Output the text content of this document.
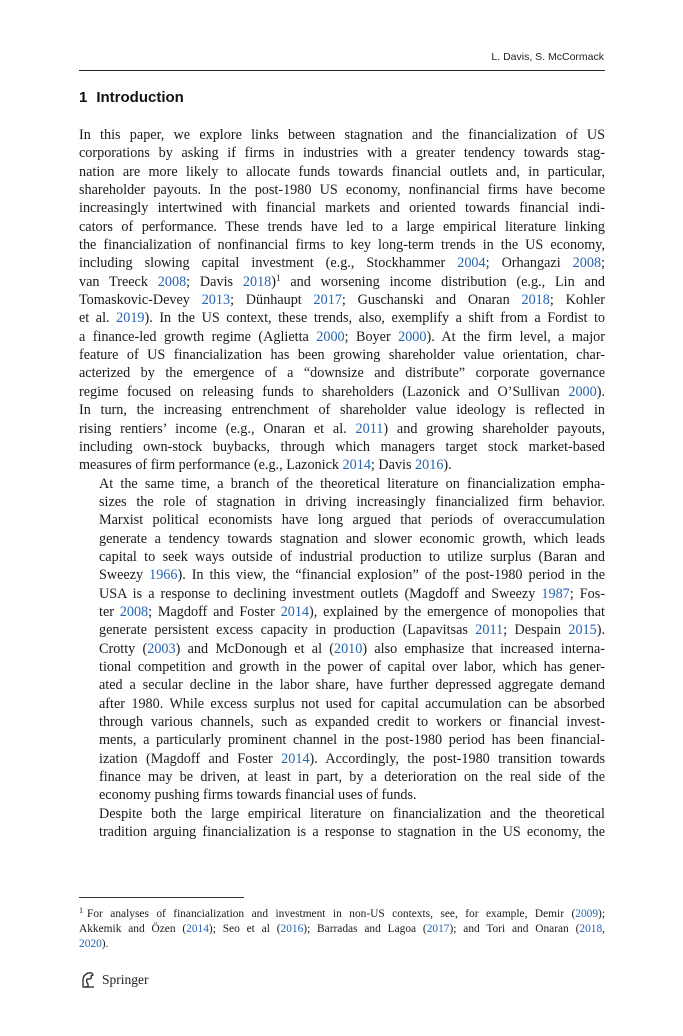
L. Davis, S. McCormack
1 Introduction

In this paper, we explore links between stagnation and the financialization of US
corporations by asking if firms in industries with a greater tendency towards stag-
nation are more likely to allocate funds towards financial outlets and, in particular,
shareholder payouts. In the post-1980 US economy, nonfinancial firms have become
increasingly intertwined with financial markets and oriented towards financial indi-
cators of performance. These trends have led to a large empirical literature linking
the financialization of nonfinancial firms to key long-term trends in the US economy,
including slowing capital investment (e.g., Stockhammer 2004; Orhangazi 2008;
van Treeck 2008; Davis 2018)$^1$ and worsening income distribution (e.g., Lin and
Tomaskovic-Devey 2013; Dünhaupt 2017; Guschanski and Onaran 2018; Kohler
et al. 2019). In the US context, these trends, also, exemplify a shift from a Fordist to
a finance-led growth regime (Aglietta 2000; Boyer 2000). At the firm level, a major
feature of US financialization has been growing shareholder value orientation, char-
acterized by the emergence of a “downsize and distribute” corporate governance
regime focused on releasing funds to shareholders (Lazonick and O’Sullivan 2000).
In turn, the increasing entrenchment of shareholder value ideology is reflected in
rising rentiers’ income (e.g., Onaran et al. 2011) and growing shareholder payouts,
including own-stock buybacks, through which managers target stock market-based
measures of firm performance (e.g., Lazonick 2014; Davis 2016).

At the same time, a branch of the theoretical literature on financialization empha-
sizes the role of stagnation in driving increasingly financialized firm behavior.
Marxist political economists have long argued that periods of overaccumulation
generate a tendency towards stagnation and slower economic growth, which leads
capital to seek ways outside of industrial production to utilize surplus (Baran and
Sweezy 1966). In this view, the “financial explosion” of the post-1980 period in the
USA is a response to declining investment outlets (Magdoff and Sweezy 1987; Fos-
ter 2008; Magdoff and Foster 2014), explained by the emergence of monopolies that
generate persistent excess capacity in production (Lapavitsas 2011; Despain 2015).
Crotty (2003) and McDonough et al (2010) also emphasize that increased interna-
tional competition and growth in the power of capital over labor, which has gener-
ated a secular decline in the labor share, have further depressed aggregate demand
after 1980. While excess surplus not used for capital accumulation can be absorbed
through various channels, such as expanded credit to workers or financial invest-
ments, a particularly prominent channel in the post-1980 period has been financial-
ization (Magdoff and Foster 2014). Accordingly, the post-1980 transition towards
finance may be driven, at least in part, by a deterioration on the real side of the
economy pushing firms towards financial uses of funds.

Despite both the large empirical literature on financialization and the theoretical
tradition arguing financialization is a response to stagnation in the US economy, the

$^1$ For analyses of financialization and investment in non-US contexts, see, for example, Demir (2009);
Akkemik and Özen (2014); Seo et al (2016); Barradas and Lagoa (2017); and Tori and Onaran (2018,
2020).
Springer
